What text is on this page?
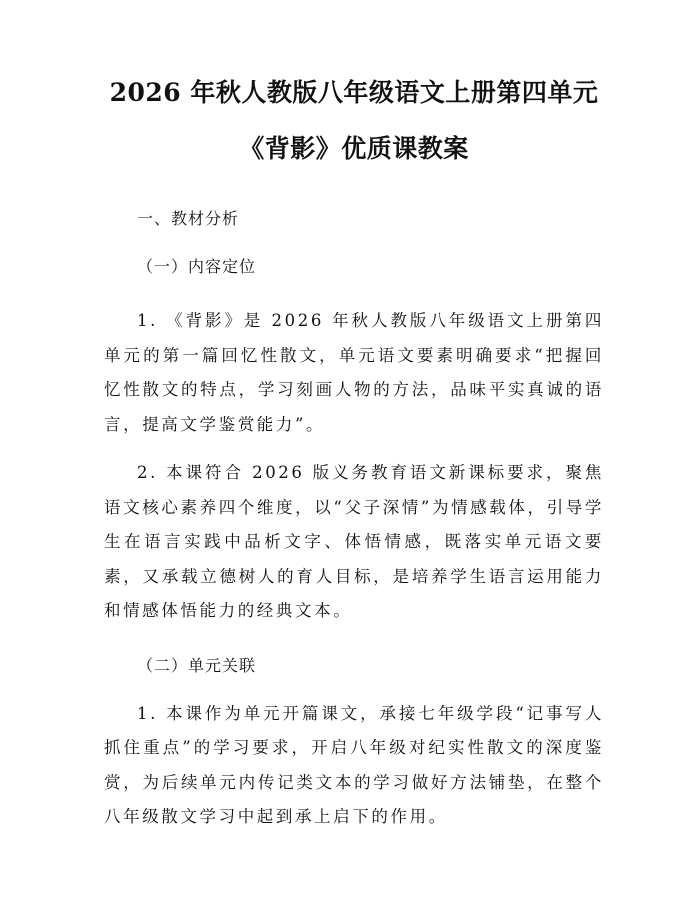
2026 年秋人教版八年级语文上册第四单元
《背影》优质课教案
一、教材分析
（一）内容定位

1. 《背影》是 2026 年秋人教版八年级语文上册第四单元的第一篇回忆性散文，单元语文要素明确要求“把握回忆性散文的特点，学习刻画人物的方法，品味平实真诚的语言，提高文学鉴赏能力”。

2. 本课符合 2026 版义务教育语文新课标要求，聚焦语文核心素养四个维度，以“父子深情”为情感载体，引导学生在语言实践中品析文字、体悟情感，既落实单元语文要素，又承载立德树人的育人目标，是培养学生语言运用能力和情感体悟能力的经典文本。

（二）单元关联

1. 本课作为单元开篇课文，承接七年级学段“记事写人抓住重点”的学习要求，开启八年级对纪实性散文的深度鉴赏，为后续单元内传记类文本的学习做好方法铺垫，在整个八年级散文学习中起到承上启下的作用。
